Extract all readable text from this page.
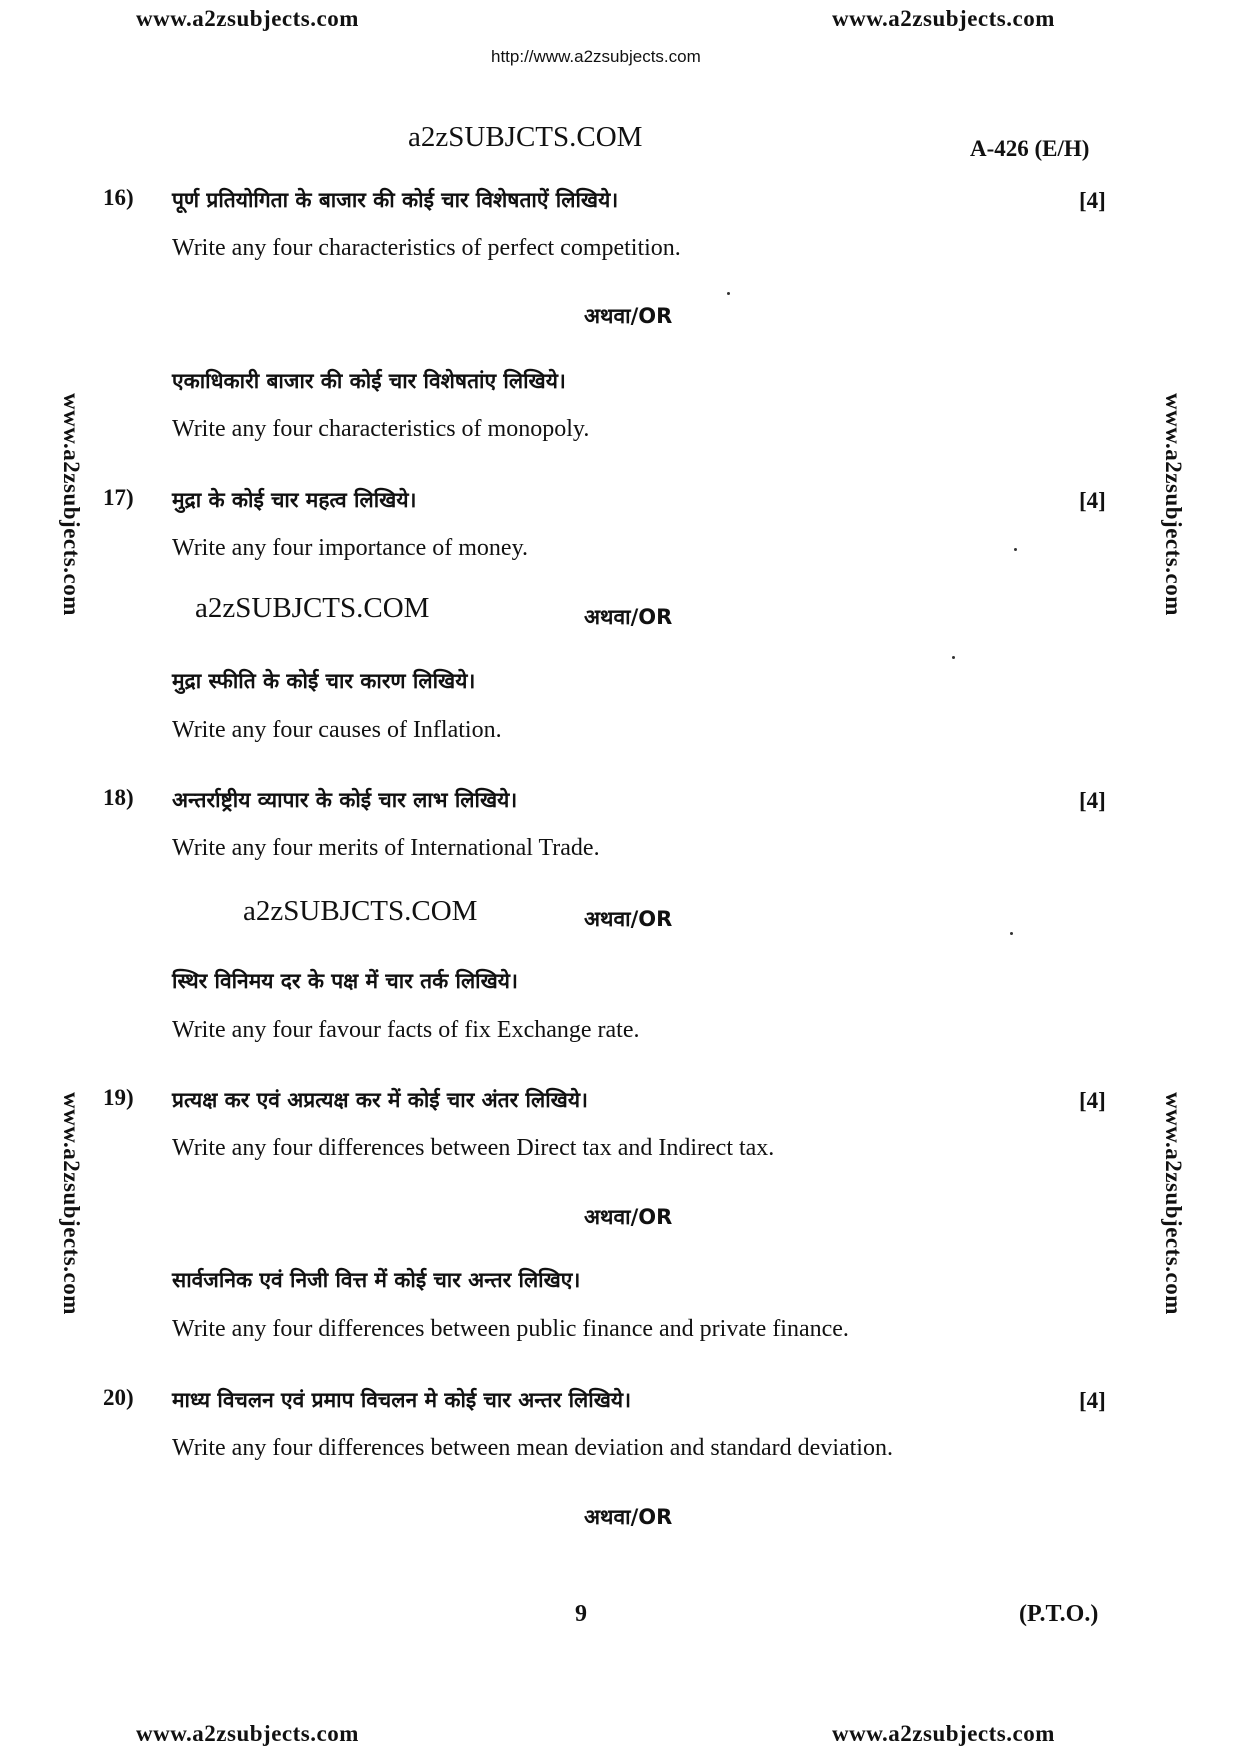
www.a2zsubjects.com	www.a2zsubjects.com
http://www.a2zsubjects.com
www.a2zsubjects.com	www.a2zsubjects.com
www.a2zsubjects.com	www.a2zsubjects.com
a2zSUBJCTS.COM	A-426 (E/H)
16) पूर्ण प्रतियोगिता के बाजार की कोई चार विशेषताऐं लिखिये।	[4]
Write any four characteristics of perfect competition.
अथवा/OR
एकाधिकारी बाजार की कोई चार विशेषतांए लिखिये।
Write any four characteristics of monopoly.
17) मुद्रा के कोई चार महत्व लिखिये।	[4]
Write any four importance of money.
a2zSUBJCTS.COM	अथवा/OR
मुद्रा स्फीति के कोई चार कारण लिखिये।
Write any four causes of Inflation.
18) अन्तर्राष्ट्रीय व्यापार के कोई चार लाभ लिखिये।	[4]
Write any four merits of International Trade.
a2zSUBJCTS.COM	अथवा/OR
स्थिर विनिमय दर के पक्ष में चार तर्क लिखिये।
Write any four favour facts of fix Exchange rate.
19) प्रत्यक्ष कर एवं अप्रत्यक्ष कर में कोई चार अंतर लिखिये।	[4]
Write any four differences between Direct tax and Indirect tax.
अथवा/OR
सार्वजनिक एवं निजी वित्त में कोई चार अन्तर लिखिए।
Write any four differences between public finance and private finance.
20) माध्य विचलन एवं प्रमाप विचलन मे कोई चार अन्तर लिखिये।	[4]
Write any four differences between mean deviation and standard deviation.
अथवा/OR
9	(P.T.O.)
www.a2zsubjects.com	www.a2zsubjects.com
